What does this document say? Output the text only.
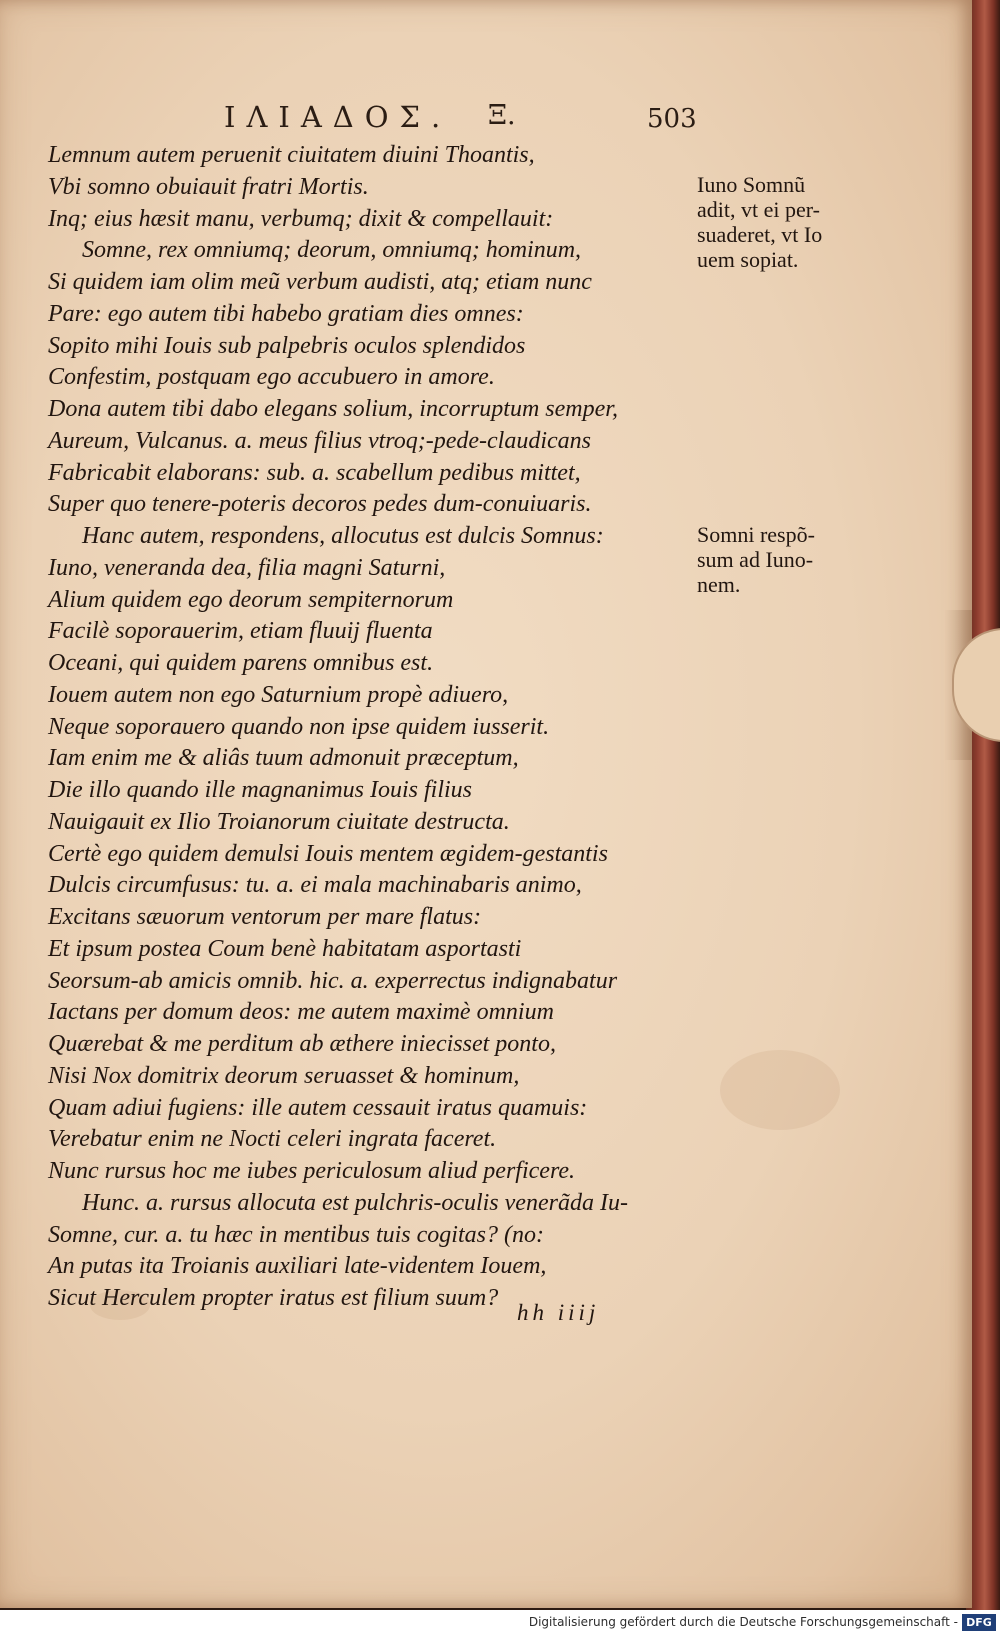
ΙΛΙΑΔΟΣ. Ξ.	503
Lemnum autem peruenit ciuitatem diuini Thoantis,
Vbi somno obuiauit fratri Mortis.
Inq; eius hæsit manu, verbumq; dixit & compellauit:
Somne, rex omniumq; deorum, omniumq; hominum,
Si quidem iam olim meũ verbum audisti, atq; etiam nunc
Pare: ego autem tibi habebo gratiam dies omnes:
Sopito mihi Iouis sub palpebris oculos splendidos
Confestim, postquam ego accubuero in amore.
Dona autem tibi dabo elegans solium, incorruptum semper,
Aureum, Vulcanus. a. meus filius vtroq;-pede-claudicans
Fabricabit elaborans: sub. a. scabellum pedibus mittet,
Super quo tenere-poteris decoros pedes dum-conuiuaris.
Hanc autem, respondens, allocutus est dulcis Somnus:
Iuno, veneranda dea, filia magni Saturni,
Alium quidem ego deorum sempiternorum
Facilè soporauerim, etiam fluuij fluenta
Oceani, qui quidem parens omnibus est.
Iouem autem non ego Saturnium propè adiuero,
Neque soporauero quando non ipse quidem iusserit.
Iam enim me & aliâs tuum admonuit præceptum,
Die illo quando ille magnanimus Iouis filius
Nauigauit ex Ilio Troianorum ciuitate destructa.
Certè ego quidem demulsi Iouis mentem ægidem-gestantis
Dulcis circumfusus: tu. a. ei mala machinabaris animo,
Excitans sæuorum ventorum per mare flatus:
Et ipsum postea Coum benè habitatam asportasti
Seorsum-ab amicis omnib. hic. a. experrectus indignabatur
Iactans per domum deos: me autem maximè omnium
Quærebat & me perditum ab æthere iniecisset ponto,
Nisi Nox domitrix deorum seruasset & hominum,
Quam adiui fugiens: ille autem cessauit iratus quamuis:
Verebatur enim ne Nocti celeri ingrata faceret.
Nunc rursus hoc me iubes periculosum aliud perficere.
Hunc. a. rursus allocuta est pulchris-oculis venerãda Iu-
Somne, cur. a. tu hæc in mentibus tuis cogitas? (no:
An putas ita Troianis auxiliari late-videntem Iouem,
Sicut Herculem propter iratus est filium suum?
Iuno Somnũ
adit, vt ei per-
suaderet, vt Io
uem sopiat.
Somni respõ-
sum ad Iuno-
nem.
hh iiij
Digitalisierung gefördert durch die Deutsche Forschungsgemeinschaft - DFG
